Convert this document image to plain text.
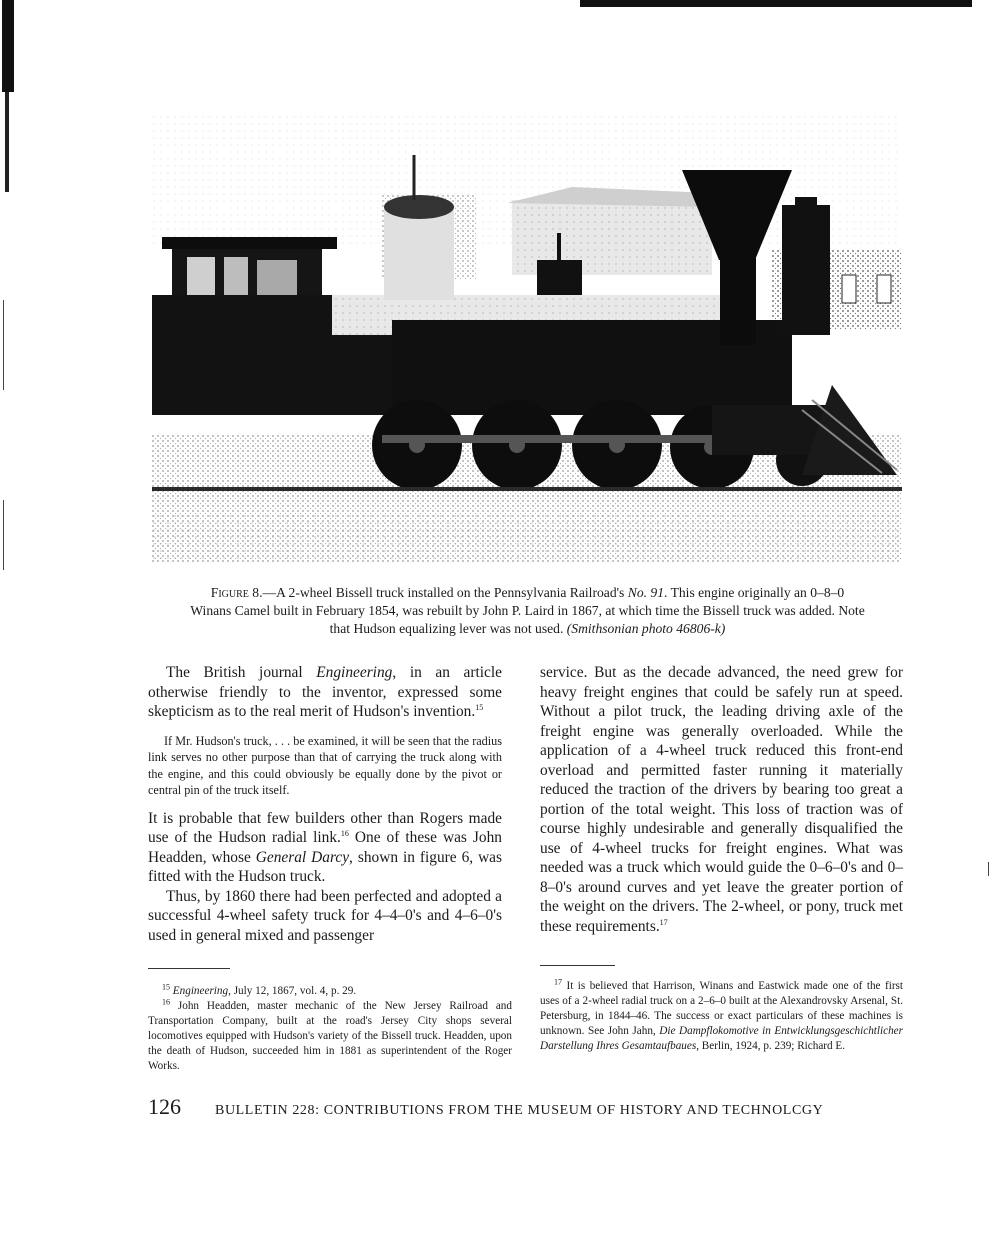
Figure 8.—A 2-wheel Bissell truck installed on the Pennsylvania Railroad's No. 91. This engine originally an 0–8–0 Winans Camel built in February 1854, was rebuilt by John P. Laird in 1867, at which time the Bissell truck was added. Note that Hudson equalizing lever was not used. (Smithsonian photo 46806-k)

The British journal Engineering, in an article otherwise friendly to the inventor, expressed some skepticism as to the real merit of Hudson's invention.$^{15}$

If Mr. Hudson's truck, . . . be examined, it will be seen that the radius link serves no other purpose than that of carrying the truck along with the engine, and this could obviously be equally done by the pivot or central pin of the truck itself.

It is probable that few builders other than Rogers made use of the Hudson radial link.$^{16}$ One of these was John Headden, whose General Darcy, shown in figure 6, was fitted with the Hudson truck.

Thus, by 1860 there had been perfected and adopted a successful 4-wheel safety truck for 4–4–0's and 4–6–0's used in general mixed and passenger

service. But as the decade advanced, the need grew for heavy freight engines that could be safely run at speed. Without a pilot truck, the leading driving axle of the freight engine was generally overloaded. While the application of a 4-wheel truck reduced this front-end overload and permitted faster running it materially reduced the traction of the drivers by bearing too great a portion of the total weight. This loss of traction was of course highly undesirable and generally disqualified the use of 4-wheel trucks for freight engines. What was needed was a truck which would guide the 0–6–0's and 0–8–0's around curves and yet leave the greater portion of the weight on the drivers. The 2-wheel, or pony, truck met these requirements.$^{17}$

$^{15}$ Engineering, July 12, 1867, vol. 4, p. 29.

$^{16}$ John Headden, master mechanic of the New Jersey Railroad and Transportation Company, built at the road's Jersey City shops several locomotives equipped with Hudson's variety of the Bissell truck. Headden, upon the death of Hudson, succeeded him in 1881 as superintendent of the Roger Works.

$^{17}$ It is believed that Harrison, Winans and Eastwick made one of the first uses of a 2-wheel radial truck on a 2–6–0 built at the Alexandrovsky Arsenal, St. Petersburg, in 1844–46. The success or exact particulars of these machines is unknown. See John Jahn, Die Dampflokomotive in Entwicklungsgeschichtlicher Darstellung Ihres Gesamtaufbaues, Berlin, 1924, p. 239; Richard E.

126 BULLETIN 228: CONTRIBUTIONS FROM THE MUSEUM OF HISTORY AND TECHNOLCGY
